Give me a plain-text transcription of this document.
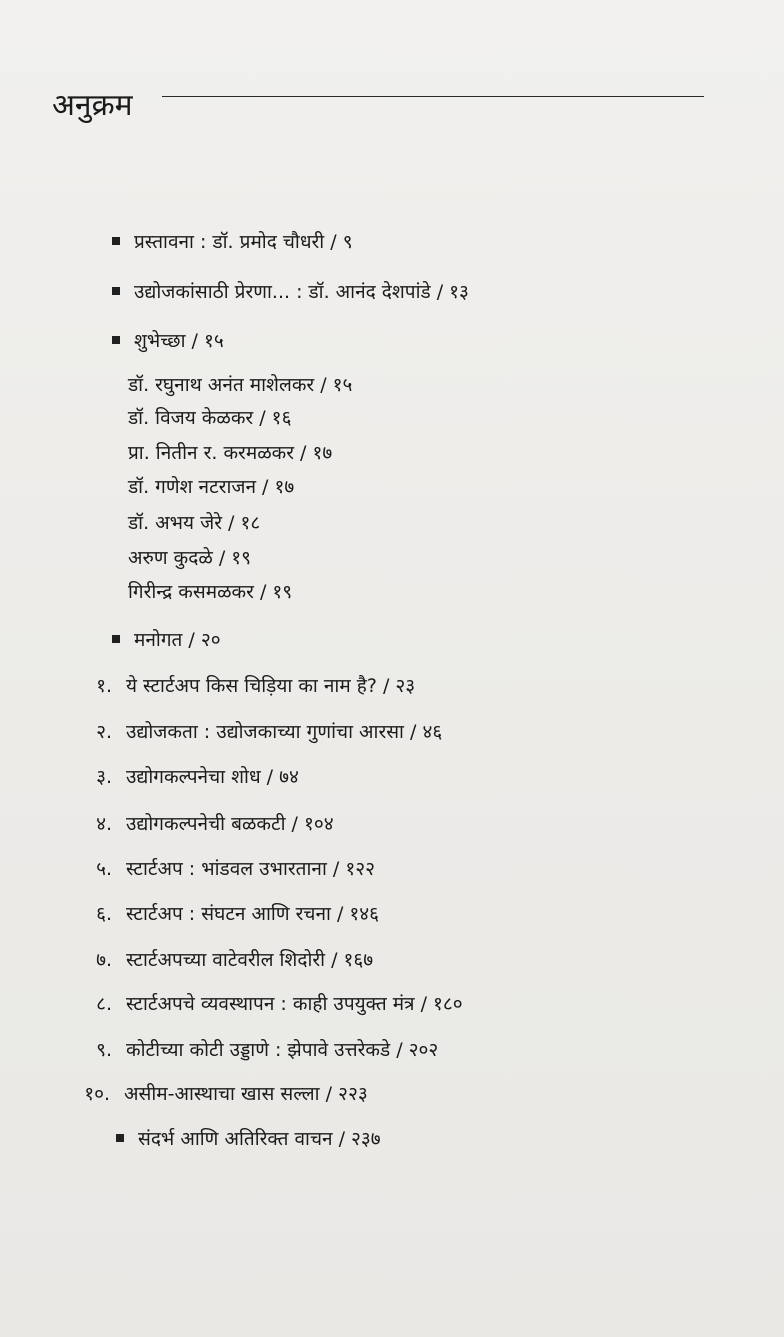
अनुक्रम
प्रस्तावना : डॉ. प्रमोद चौधरी / ९
उद्योजकांसाठी प्रेरणा... : डॉ. आनंद देशपांडे / १३
शुभेच्छा / १५
डॉ. रघुनाथ अनंत माशेलकर / १५
डॉ. विजय केळकर / १६
प्रा. नितीन र. करमळकर / १७
डॉ. गणेश नटराजन / १७
डॉ. अभय जेरे / १८
अरुण कुदळे / १९
गिरीन्द्र कसमळकर / १९
मनोगत / २०
१. ये स्टार्टअप किस चिड़िया का नाम है? / २३
२. उद्योजकता : उद्योजकाच्या गुणांचा आरसा / ४६
३. उद्योगकल्पनेचा शोध / ७४
४. उद्योगकल्पनेची बळकटी / १०४
५. स्टार्टअप : भांडवल उभारताना / १२२
६. स्टार्टअप : संघटन आणि रचना / १४६
७. स्टार्टअपच्या वाटेवरील शिदोरी / १६७
८. स्टार्टअपचे व्यवस्थापन : काही उपयुक्त मंत्र / १८०
९. कोटीच्या कोटी उड्डाणे : झेपावे उत्तरेकडे / २०२
१०. असीम-आस्थाचा खास सल्ला / २२३
संदर्भ आणि अतिरिक्त वाचन / २३७
